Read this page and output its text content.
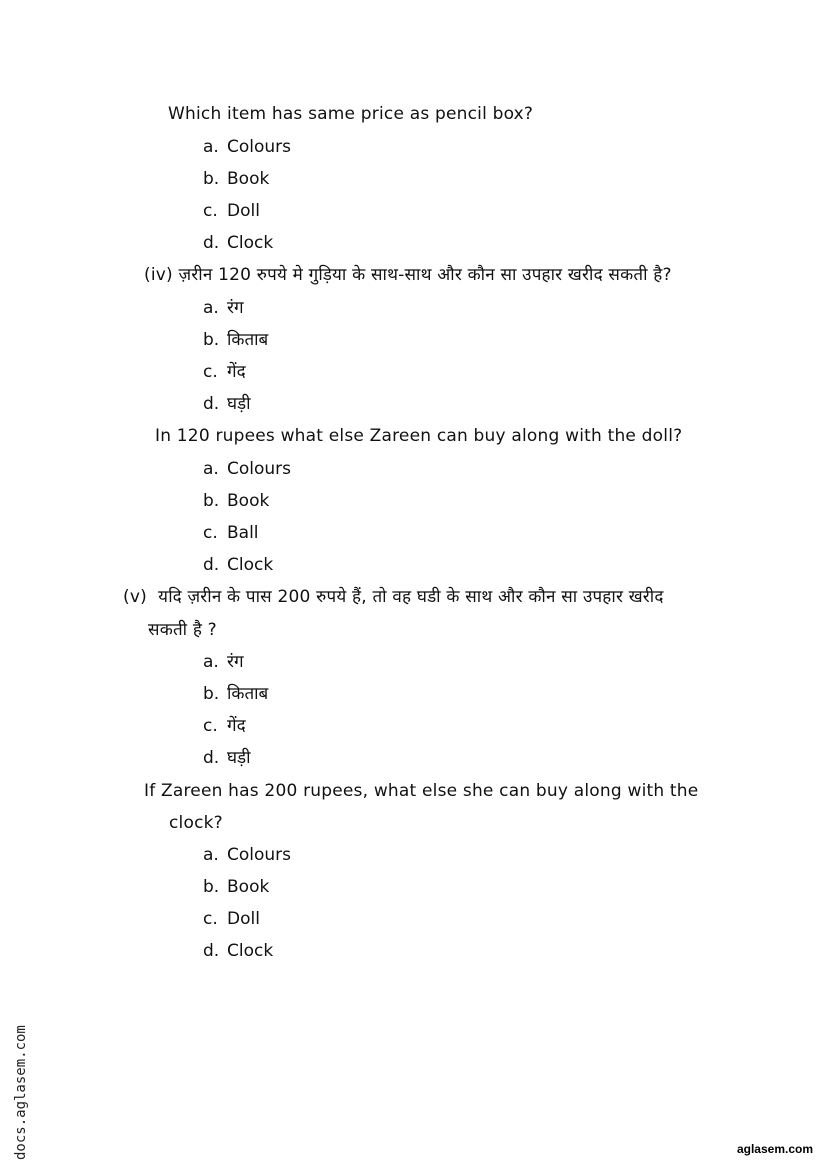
Which item has same price as pencil box?
a. Colours
b. Book
c. Doll
d. Clock
(iv) ज़रीन 120 रुपये मे गुड़िया के साथ-साथ और कौन सा उपहार खरीद सकती है?
a. रंग
b. किताब
c. गेंद
d. घड़ी
In 120 rupees what else Zareen can buy along with the doll?
a. Colours
b. Book
c. Ball
d. Clock
(v) यदि ज़रीन के पास 200 रुपये हैं, तो वह घडी के साथ और कौन सा उपहार खरीद
सकती है ?
a. रंग
b. किताब
c. गेंद
d. घड़ी
If Zareen has 200 rupees, what else she can buy along with the
clock?
a. Colours
b. Book
c. Doll
d. Clock
docs.aglasem.com	aglasem.com
